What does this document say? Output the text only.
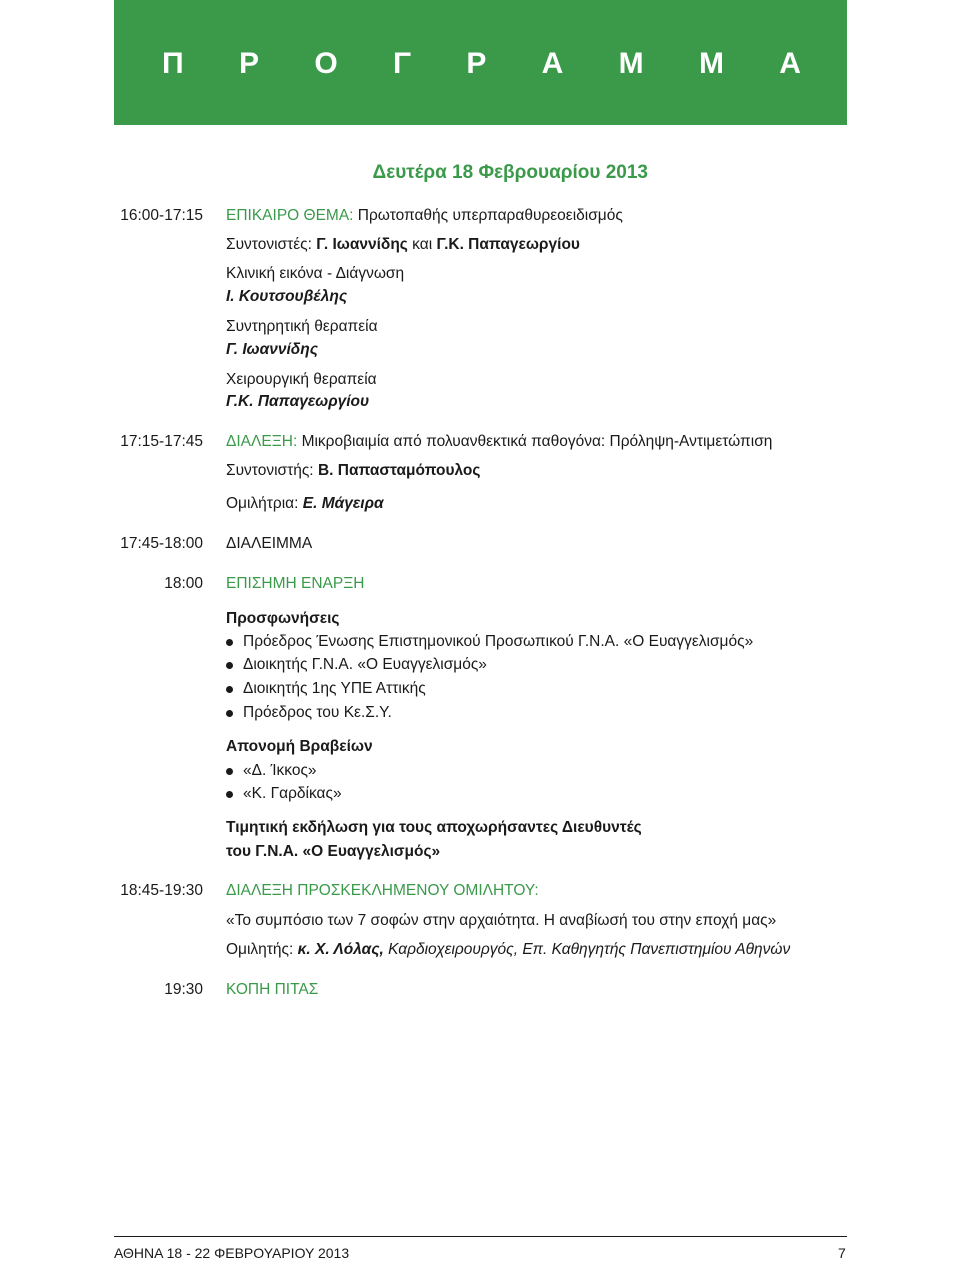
Π Ρ Ο Γ Ρ Α Μ Μ Α
Δευτέρα 18 Φεβρουαρίου 2013
16:00-17:15 ΕΠΙΚΑΙΡΟ ΘΕΜΑ: Πρωτοπαθής υπερπαραθυρεοειδισμός
Συντονιστές: Γ. Ιωαννίδης και Γ.Κ. Παπαγεωργίου
Κλινική εικόνα - Διάγνωση
Ι. Κουτσουβέλης
Συντηρητική θεραπεία
Γ. Ιωαννίδης
Χειρουργική θεραπεία
Γ.Κ. Παπαγεωργίου
17:15-17:45 ΔΙΑΛΕΞΗ: Μικροβιαιμία από πολυανθεκτικά παθογόνα: Πρόληψη-Αντιμετώπιση
Συντονιστής: Β. Παπασταμόπουλος
Ομιλήτρια: Ε. Μάγειρα
17:45-18:00 ΔΙΑΛΕΙΜΜΑ
18:00 ΕΠΙΣΗΜΗ ΕΝΑΡΞΗ
Προσφωνήσεις
Πρόεδρος Ένωσης Επιστημονικού Προσωπικού Γ.Ν.Α. «Ο Ευαγγελισμός»
Διοικητής Γ.Ν.Α. «Ο Ευαγγελισμός»
Διοικητής 1ης ΥΠΕ Αττικής
Πρόεδρος του Κε.Σ.Υ.
Απονομή Βραβείων
«Δ. Ίκκος»
«Κ. Γαρδίκας»
Τιμητική εκδήλωση για τους αποχωρήσαντες Διευθυντές
του Γ.Ν.Α. «Ο Ευαγγελισμός»
18:45-19:30 ΔΙΑΛΕΞΗ ΠΡΟΣΚΕΚΛΗΜΕΝΟΥ ΟΜΙΛΗΤΟΥ:
«Το συμπόσιο των 7 σοφών στην αρχαιότητα. Η αναβίωσή του στην εποχή μας»
Ομιλητής: κ. Χ. Λόλας, Καρδιοχειρουργός, Επ. Καθηγητής Πανεπιστημίου Αθηνών
19:30 ΚΟΠΗ ΠΙΤΑΣ
ΑΘΗΝΑ 18 - 22 ΦΕΒΡΟΥΑΡΙΟΥ 2013	7
